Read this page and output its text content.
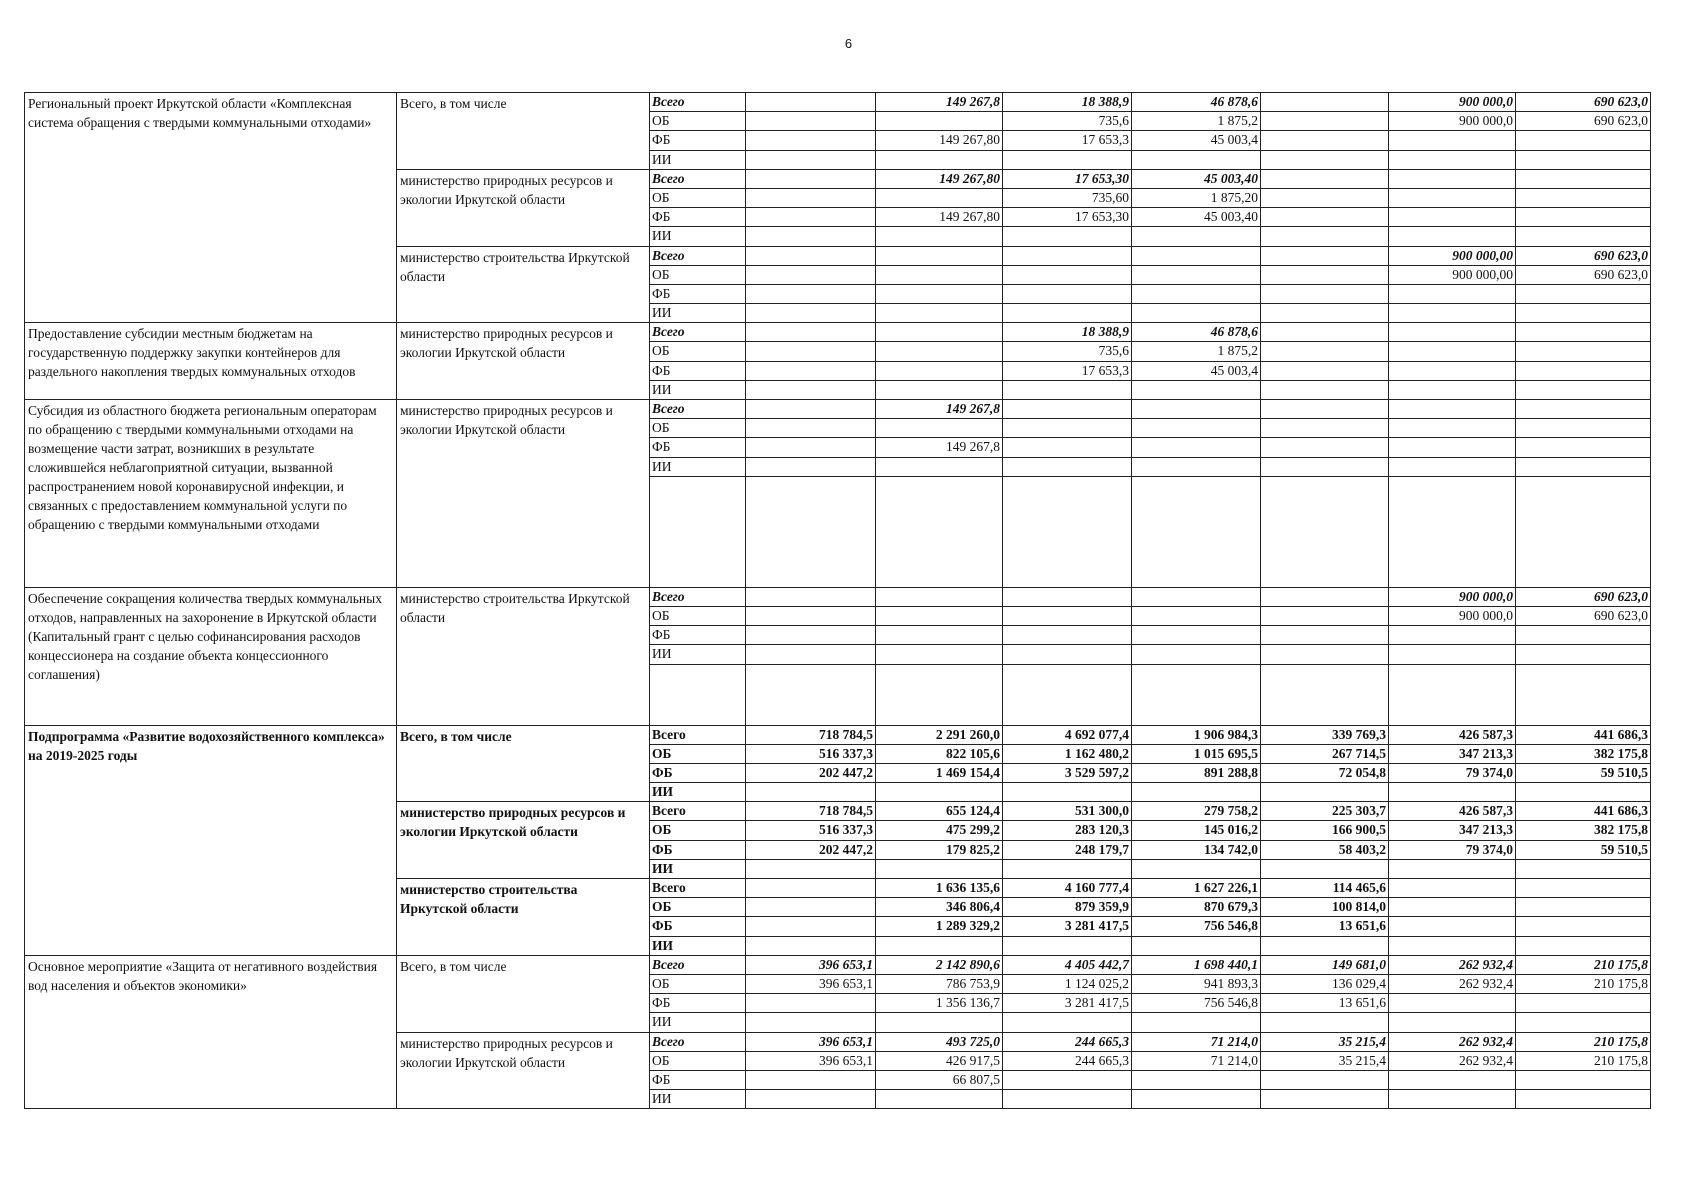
6
Региональный проект Иркутской области «Комплексная система обращения с твердыми коммунальными отходами»	Всего, в том числе	Всего		149 267,8	18 388,9	46 878,6		900 000,0	690 623,0
		ОБ			735,6	1 875,2		900 000,0	690 623,0
		ФБ		149 267,80	17 653,3	45 003,4			
		ИИ							
	министерство природных ресурсов и экологии Иркутской области	Всего		149 267,80	17 653,30	45 003,40			
		ОБ			735,60	1 875,20			
		ФБ		149 267,80	17 653,30	45 003,40			
		ИИ							
	министерство строительства Иркутской области	Всего						900 000,00	690 623,0
		ОБ						900 000,00	690 623,0
		ФБ							
		ИИ							
Предоставление субсидии местным бюджетам на государственную поддержку закупки контейнеров для раздельного накопления твердых коммунальных отходов	министерство природных ресурсов и экологии Иркутской области	Всего			18 388,9	46 878,6			
		ОБ			735,6	1 875,2			
		ФБ			17 653,3	45 003,4			
		ИИ							
Субсидия из областного бюджета региональным операторам по обращению с твердыми коммунальными отходами на возмещение части затрат, возникших в результате сложившейся неблагоприятной ситуации, вызванной распространением новой коронавирусной инфекции, и связанных с предоставлением коммунальной услуги по обращению с твердыми коммунальными отходами	министерство природных ресурсов и экологии Иркутской области	Всего		149 267,8					
		ОБ							
		ФБ		149 267,8					
		ИИ							

Обеспечение сокращения количества твердых коммунальных отходов, направленных на захоронение в Иркутской области (Капитальный грант с целью софинансирования расходов концессионера на создание объекта концессионного соглашения)	министерство строительства Иркутской области	Всего						900 000,0	690 623,0
		ОБ						900 000,0	690 623,0
		ФБ							
		ИИ							

Подпрограмма «Развитие водохозяйственного комплекса» на 2019-2025 годы	Всего, в том числе	Всего	718 784,5	2 291 260,0	4 692 077,4	1 906 984,3	339 769,3	426 587,3	441 686,3
		ОБ	516 337,3	822 105,6	1 162 480,2	1 015 695,5	267 714,5	347 213,3	382 175,8
		ФБ	202 447,2	1 469 154,4	3 529 597,2	891 288,8	72 054,8	79 374,0	59 510,5
		ИИ							
	министерство природных ресурсов и экологии Иркутской области	Всего	718 784,5	655 124,4	531 300,0	279 758,2	225 303,7	426 587,3	441 686,3
		ОБ	516 337,3	475 299,2	283 120,3	145 016,2	166 900,5	347 213,3	382 175,8
		ФБ	202 447,2	179 825,2	248 179,7	134 742,0	58 403,2	79 374,0	59 510,5
		ИИ							
	министерство строительства Иркутской области	Всего		1 636 135,6	4 160 777,4	1 627 226,1	114 465,6		
		ОБ		346 806,4	879 359,9	870 679,3	100 814,0		
		ФБ		1 289 329,2	3 281 417,5	756 546,8	13 651,6		
		ИИ							
Основное мероприятие «Защита от негативного воздействия вод населения и объектов экономики»	Всего, в том числе	Всего	396 653,1	2 142 890,6	4 405 442,7	1 698 440,1	149 681,0	262 932,4	210 175,8
		ОБ	396 653,1	786 753,9	1 124 025,2	941 893,3	136 029,4	262 932,4	210 175,8
		ФБ		1 356 136,7	3 281 417,5	756 546,8	13 651,6		
		ИИ							
	министерство природных ресурсов и экологии Иркутской области	Всего	396 653,1	493 725,0	244 665,3	71 214,0	35 215,4	262 932,4	210 175,8
		ОБ	396 653,1	426 917,5	244 665,3	71 214,0	35 215,4	262 932,4	210 175,8
		ФБ		66 807,5					
		ИИ							
